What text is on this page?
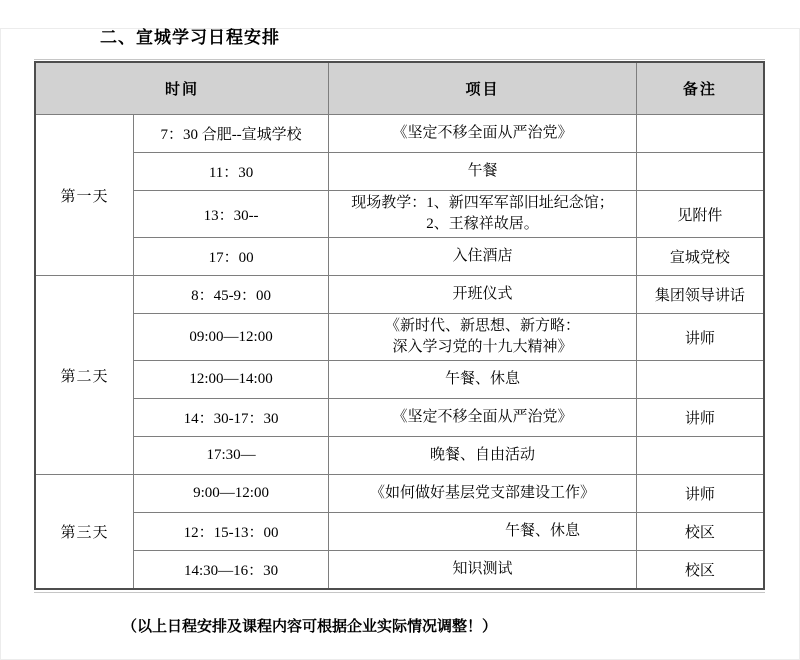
二、宣城学习日程安排
时间		项目	备注
第一天	7：30 合肥--宣城学校	《坚定不移全面从严治党》	

	11：30	午餐	

	13：30--	现场教学：1、新四军军部旧址纪念馆；
2、王稼祥故居。	见附件
	17：00	入住酒店	宣城党校
第二天	8：45-9：00	开班仪式	集团领导讲话
	09:00—12:00	《新时代、新思想、新方略：
深入学习党的十九大精神》	讲师
	12:00—14:00	午餐、休息	

	14：30-17：30	《坚定不移全面从严治党》	讲师
	17:30—	晚餐、自由活动	

第三天	9:00—12:00	《如何做好基层党支部建设工作》	讲师
	12：15-13：00	午餐、休息	校区
	14:30—16：30	知识测试	校区
（以上日程安排及课程内容可根据企业实际情况调整！）
